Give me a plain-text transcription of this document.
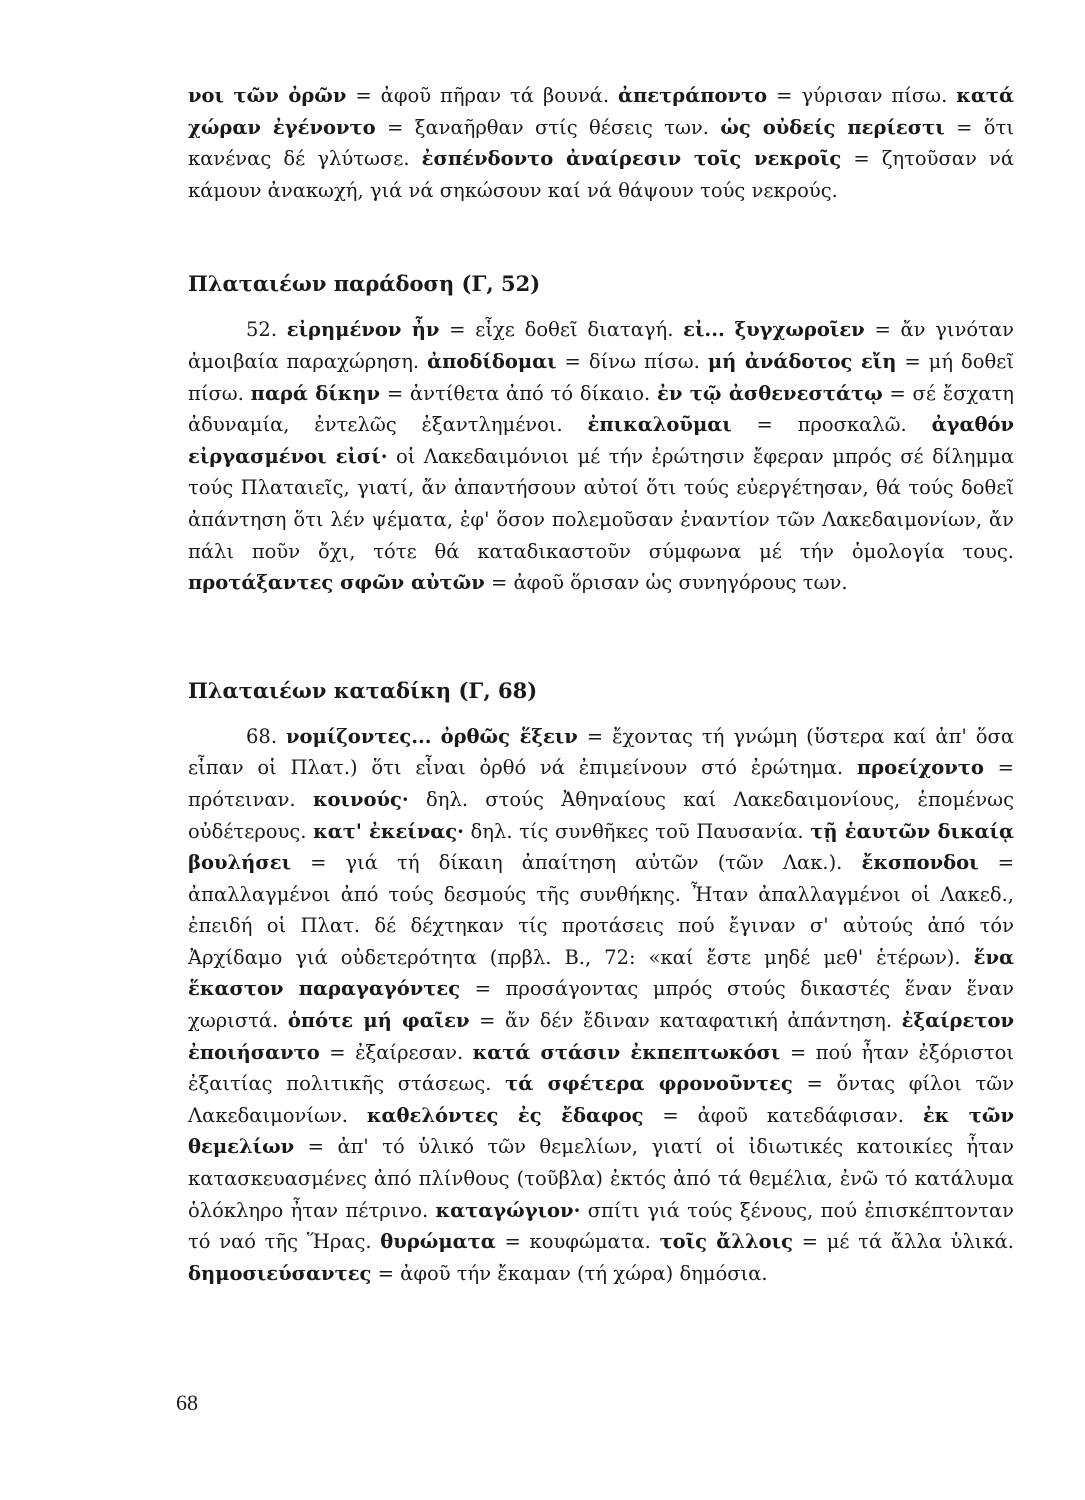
νοι τῶν ὀρῶν = ἀφοῦ πῆραν τά βουνά. ἀπετράποντο = γύρισαν πίσω. κατά χώραν ἐγένοντο = ξαναῆρθαν στίς θέσεις των. ὡς οὐδείς περίεστι = ὅτι κανένας δέ γλύτωσε. ἐσπένδοντο ἀναίρεσιν τοῖς νεκροῖς = ζητοῦσαν νά κάμουν ἀνακωχή, γιά νά σηκώσουν καί νά θάψουν τούς νεκρούς.

Πλαταιέων παράδοση (Γ, 52)

52. εἰρημένον ἦν = εἶχε δοθεῖ διαταγή. εἰ... ξυγχωροῖεν = ἄν γινόταν ἀμοιβαία παραχώρηση. ἀποδίδομαι = δίνω πίσω. μή ἀνάδοτος εἴη = μή δοθεῖ πίσω. παρά δίκην = ἀντίθετα ἀπό τό δίκαιο. ἐν τῷ ἀσθενεστάτῳ = σέ ἔσχατη ἀδυναμία, ἐντελῶς ἐξαντλημένοι. ἐπικαλοῦμαι = προσκαλῶ. ἀγαθόν εἰργασμένοι εἰσί· οἱ Λακεδαιμόνιοι μέ τήν ἐρώτησιν ἔφεραν μπρός σέ δίλημμα τούς Πλαταιεῖς, γιατί, ἄν ἀπαντήσουν αὐτοί ὅτι τούς εὐεργέτησαν, θά τούς δοθεῖ ἀπάντηση ὅτι λέν ψέματα, ἐφ' ὅσον πολεμοῦσαν ἐναντίον τῶν Λακεδαιμονίων, ἄν πάλι ποῦν ὄχι, τότε θά καταδικαστοῦν σύμφωνα μέ τήν ὁμολογία τους. προτάξαντες σφῶν αὐτῶν = ἀφοῦ ὅρισαν ὡς συνηγόρους των.

Πλαταιέων καταδίκη (Γ, 68)

68. νομίζοντες... ὀρθῶς ἕξειν = ἔχοντας τή γνώμη (ὕστερα καί ἀπ' ὅσα εἶπαν οἱ Πλατ.) ὅτι εἶναι ὀρθό νά ἐπιμείνουν στό ἐρώτημα. προείχοντο = πρότειναν. κοινούς· δηλ. στούς Ἀθηναίους καί Λακεδαιμονίους, ἑπομένως οὐδέτερους. κατ' ἐκείνας· δηλ. τίς συνθῆκες τοῦ Παυσανία. τῇ ἑαυτῶν δικαίᾳ βουλήσει = γιά τή δίκαιη ἀπαίτηση αὐτῶν (τῶν Λακ.). ἔκσπονδοι = ἀπαλλαγμένοι ἀπό τούς δεσμούς τῆς συνθήκης. Ἦταν ἀπαλλαγμένοι οἱ Λακεδ., ἐπειδή οἱ Πλατ. δέ δέχτηκαν τίς προτάσεις πού ἔγιναν σ' αὐτούς ἀπό τόν Ἀρχίδαμο γιά οὐδετερότητα (πρβλ. Β., 72: «καί ἔστε μηδέ μεθ' ἑτέρων). ἕνα ἕκαστον παραγαγόντες = προσάγοντας μπρός στούς δικαστές ἕναν ἕναν χωριστά. ὁπότε μή φαῖεν = ἄν δέν ἔδιναν καταφατική ἀπάντηση. ἐξαίρετον ἐποιήσαντο = ἐξαίρεσαν. κατά στάσιν ἐκπεπτωκόσι = πού ἦταν ἐξόριστοι ἐξαιτίας πολιτικῆς στάσεως. τά σφέτερα φρονοῦντες = ὄντας φίλοι τῶν Λακεδαιμονίων. καθελόντες ἐς ἔδαφος = ἀφοῦ κατεδάφισαν. ἐκ τῶν θεμελίων = ἀπ' τό ὑλικό τῶν θεμελίων, γιατί οἱ ἰδιωτικές κατοικίες ἦταν κατασκευασμένες ἀπό πλίνθους (τοῦβλα) ἐκτός ἀπό τά θεμέλια, ἐνῶ τό κατάλυμα ὁλόκληρο ἦταν πέτρινο. καταγώγιον· σπίτι γιά τούς ξένους, πού ἐπισκέπτονταν τό ναό τῆς Ἥρας. θυρώματα = κουφώματα. τοῖς ἄλλοις = μέ τά ἄλλα ὑλικά. δημοσιεύσαντες = ἀφοῦ τήν ἔκαμαν (τή χώρα) δημόσια.

68
